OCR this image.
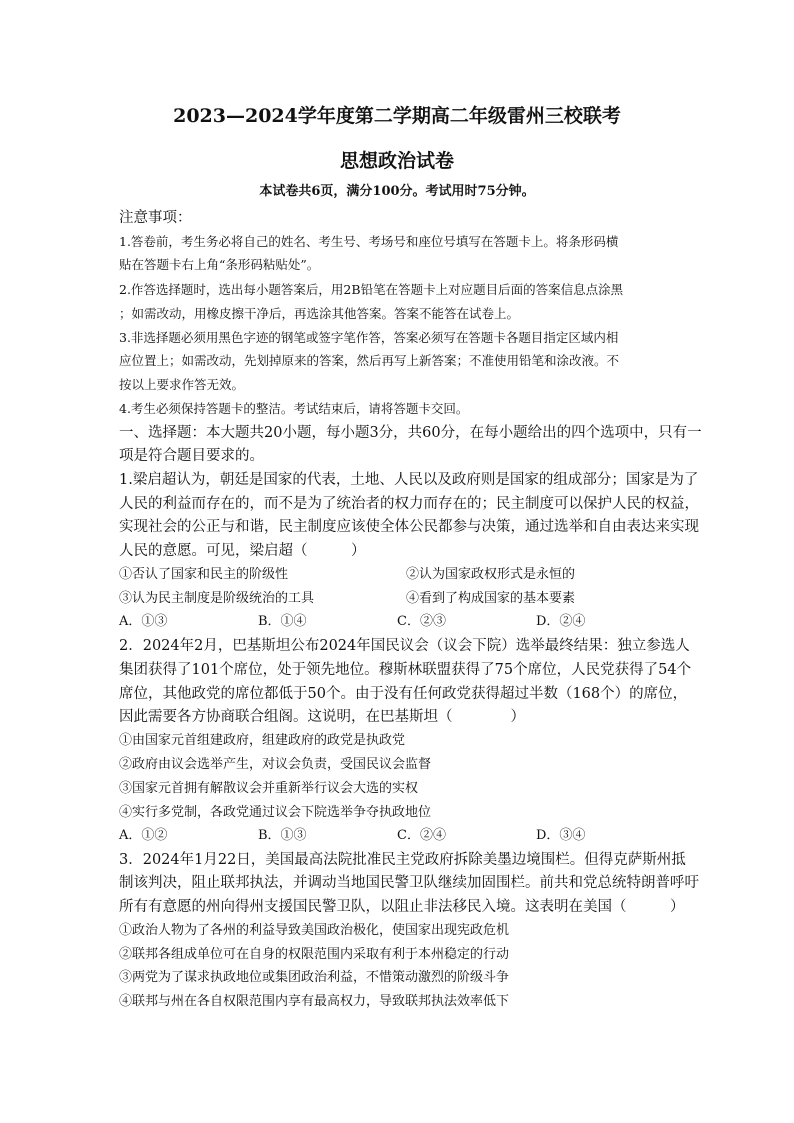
2023—2024学年度第二学期高二年级雷州三校联考
思想政治试卷
本试卷共6页，满分100分。考试用时75分钟。
注意事项：
1.答卷前，考生务必将自己的姓名、考生号、考场号和座位号填写在答题卡上。将条形码横
贴在答题卡右上角“条形码粘贴处”。
2.作答选择题时，选出每小题答案后，用2B铅笔在答题卡上对应题目后面的答案信息点涂黑
；如需改动，用橡皮擦干净后，再选涂其他答案。答案不能答在试卷上。
3.非选择题必须用黑色字迹的钢笔或签字笔作答，答案必须写在答题卡各题目指定区域内相
应位置上；如需改动，先划掉原来的答案，然后再写上新答案；不准使用铅笔和涂改液。不
按以上要求作答无效。
4.考生必须保持答题卡的整洁。考试结束后，请将答题卡交回。
一、选择题：本大题共20小题，每小题3分，共60分，在每小题给出的四个选项中，只有一
项是符合题目要求的。
1.梁启超认为，朝廷是国家的代表，土地、人民以及政府则是国家的组成部分；国家是为了
人民的利益而存在的，而不是为了统治者的权力而存在的；民主制度可以保护人民的权益，
实现社会的公正与和谐，民主制度应该使全体公民都参与决策，通过选举和自由表达来实现
人民的意愿。可见，梁启超（　　　）
①否认了国家和民主的阶级性	②认为国家政权形式是永恒的
③认为民主制度是阶级统治的工具	④看到了构成国家的基本要素
A．①③	B．①④	C．②③	D．②④
2．2024年2月，巴基斯坦公布2024年国民议会（议会下院）选举最终结果：独立参选人
集团获得了101个席位，处于领先地位。穆斯林联盟获得了75个席位，人民党获得了54个
席位，其他政党的席位都低于50个。由于没有任何政党获得超过半数（168个）的席位，
因此需要各方协商联合组阁。这说明，在巴基斯坦（　　　　）
①由国家元首组建政府，组建政府的政党是执政党
②政府由议会选举产生，对议会负责，受国民议会监督
③国家元首拥有解散议会并重新举行议会大选的实权
④实行多党制，各政党通过议会下院选举争夺执政地位
A．①②	B．①③	C．②④	D．③④
3．2024年1月22日，美国最高法院批准民主党政府拆除美墨边境围栏。但得克萨斯州抵
制该判决，阻止联邦执法，并调动当地国民警卫队继续加固围栏。前共和党总统特朗普呼吁
所有有意愿的州向得州支援国民警卫队，以阻止非法移民入境。这表明在美国（　　　）
①政治人物为了各州的利益导致美国政治极化，使国家出现宪政危机
②联邦各组成单位可在自身的权限范围内采取有利于本州稳定的行动
③两党为了谋求执政地位或集团政治利益，不惜策动激烈的阶级斗争
④联邦与州在各自权限范围内享有最高权力，导致联邦执法效率低下
